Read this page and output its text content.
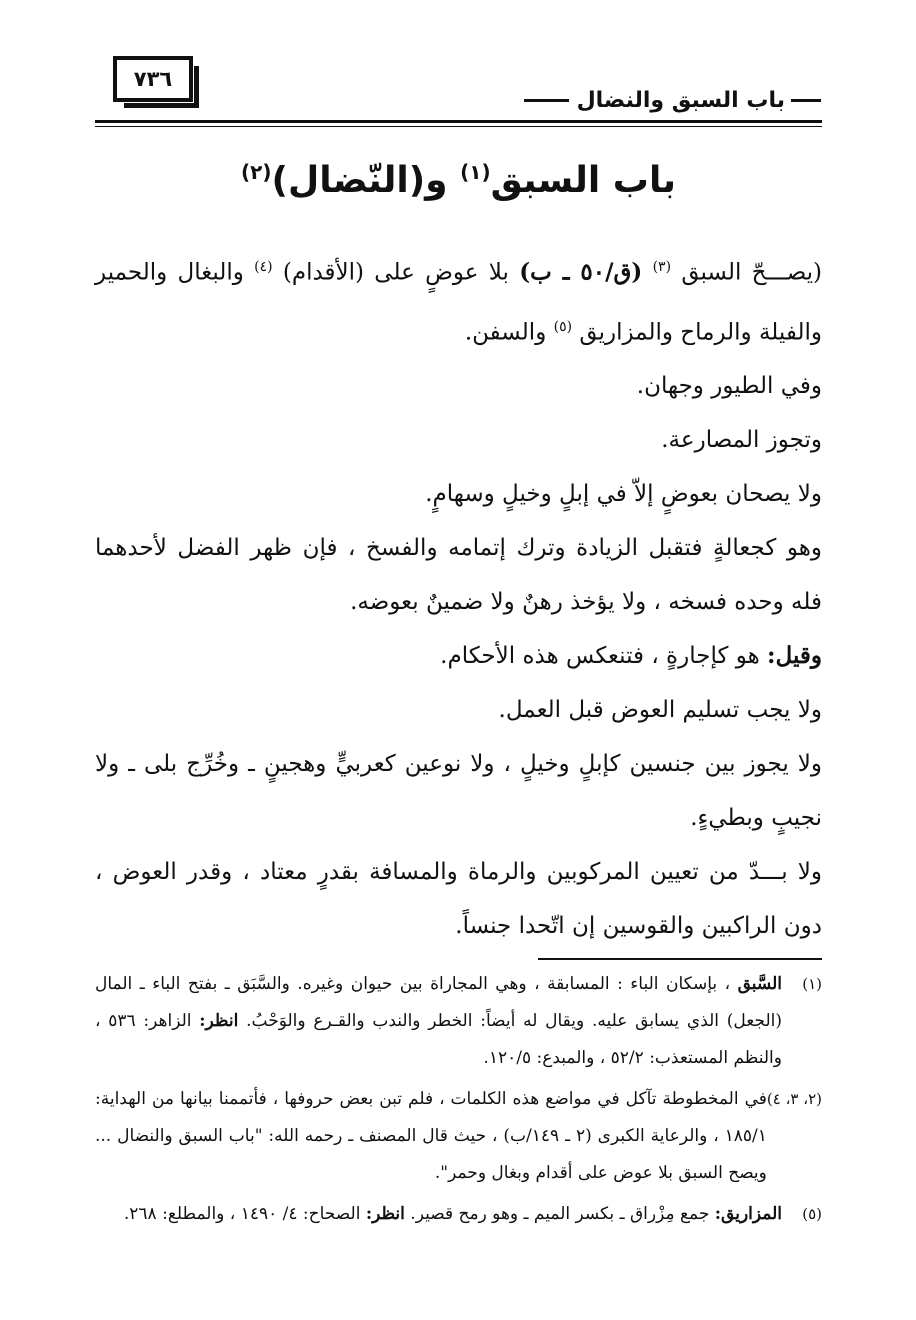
٧٣٦
باب السبق والنضال
باب السبق$^{(١)}$ و(النّضال)$^{(٢)}$

(يصـــحّ السبق $^{(٣)}$ (ق/٥٠ ـ ب) بلا عوضٍ على (الأقدام) $^{(٤)}$ والبغال والحمير والفيلة والرماح والمزاريق $^{(٥)}$ والسفن.

وفي الطيور وجهان.

وتجوز المصارعة.

ولا يصحان بعوضٍ إلاّ في إبلٍ وخيلٍ وسهامٍ.

وهو كجعالةٍ فتقبل الزيادة وترك إتمامه والفسخ ، فإن ظهر الفضل لأحدهما فله وحده فسخه ، ولا يؤخذ رهنٌ ولا ضمينٌ بعوضه.

وقيل: هو كإجارةٍ ، فتنعكس هذه الأحكام.

ولا يجب تسليم العوض قبل العمل.

ولا يجوز بين جنسين كإبلٍ وخيلٍ ، ولا نوعين كعربيٍّ وهجينٍ ـ وخُرِّج بلى ـ ولا نجيبٍ وبطيءٍ.

ولا بـــدّ من تعيين المركوبين والرماة والمسافة بقدرٍ معتاد ، وقدر العوض ، دون الراكبين والقوسين إن اتّحدا جنساً.

(١)
السَّبق ، بإسكان الباء : المسابقة ، وهي المجاراة بين حيوان وغيره. والسَّبَق ـ بفتح الباء ـ المال (الجعل) الذي يسابق عليه. ويقال له أيضاً: الخطر والندب والقـرع والوَحْبُ. انظر: الزاهر: ٥٣٦ ، والنظم المستعذب: ٥٢/٢ ، والمبدع: ١٢٠/٥.
(٢، ٣، ٤)
في المخطوطة تآكل في مواضع هذه الكلمات ، فلم تبن بعض حروفها ، فأتممنا بيانها من الهداية: ١٨٥/١ ، والرعاية الكبرى (٢ ـ ١٤٩/ب) ، حيث قال المصنف ـ رحمه الله: "باب السبق والنضال ... ويصح السبق بلا عوض على أقدام وبغال وحمر".
(٥)
المزاريق: جمع مِزْراق ـ بكسر الميم ـ وهو رمح قصير. انظر: الصحاح: ٤/ ١٤٩٠ ، والمطلع: ٢٦٨.
